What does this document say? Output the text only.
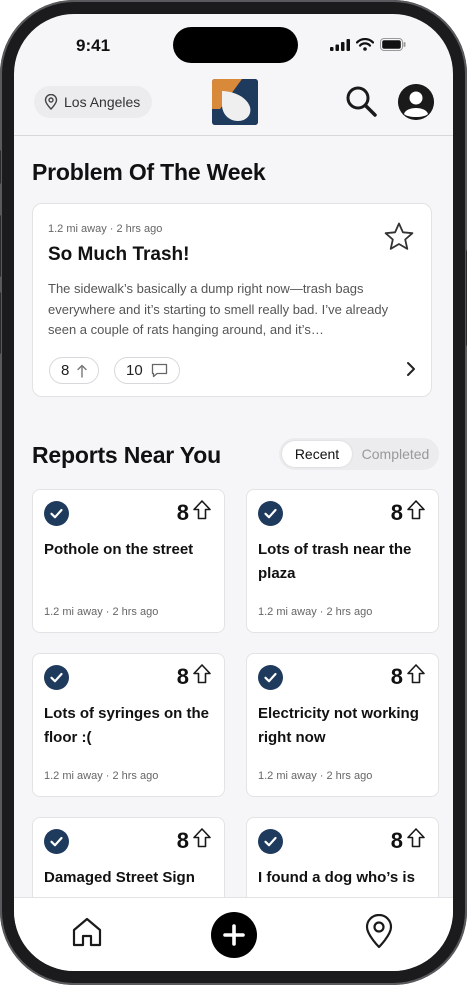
9:41
Los Angeles
Problem Of The Week
1.2 mi away · 2 hrs ago
So Much Trash!
The sidewalk’s basically a dump right now—trash bags everywhere and it’s starting to smell really bad. I’ve already seen a couple of rats hanging around, and it’s…
8	10
Reports Near You	Recent	Completed
8
Pothole on the street
1.2 mi away · 2 hrs ago
8
Lots of trash near the plaza
1.2 mi away · 2 hrs ago
8
Lots of syringes on the floor :(
1.2 mi away · 2 hrs ago
8
Electricity not working right now
1.2 mi away · 2 hrs ago
8
Damaged Street Sign
8
I found a dog who’s is
